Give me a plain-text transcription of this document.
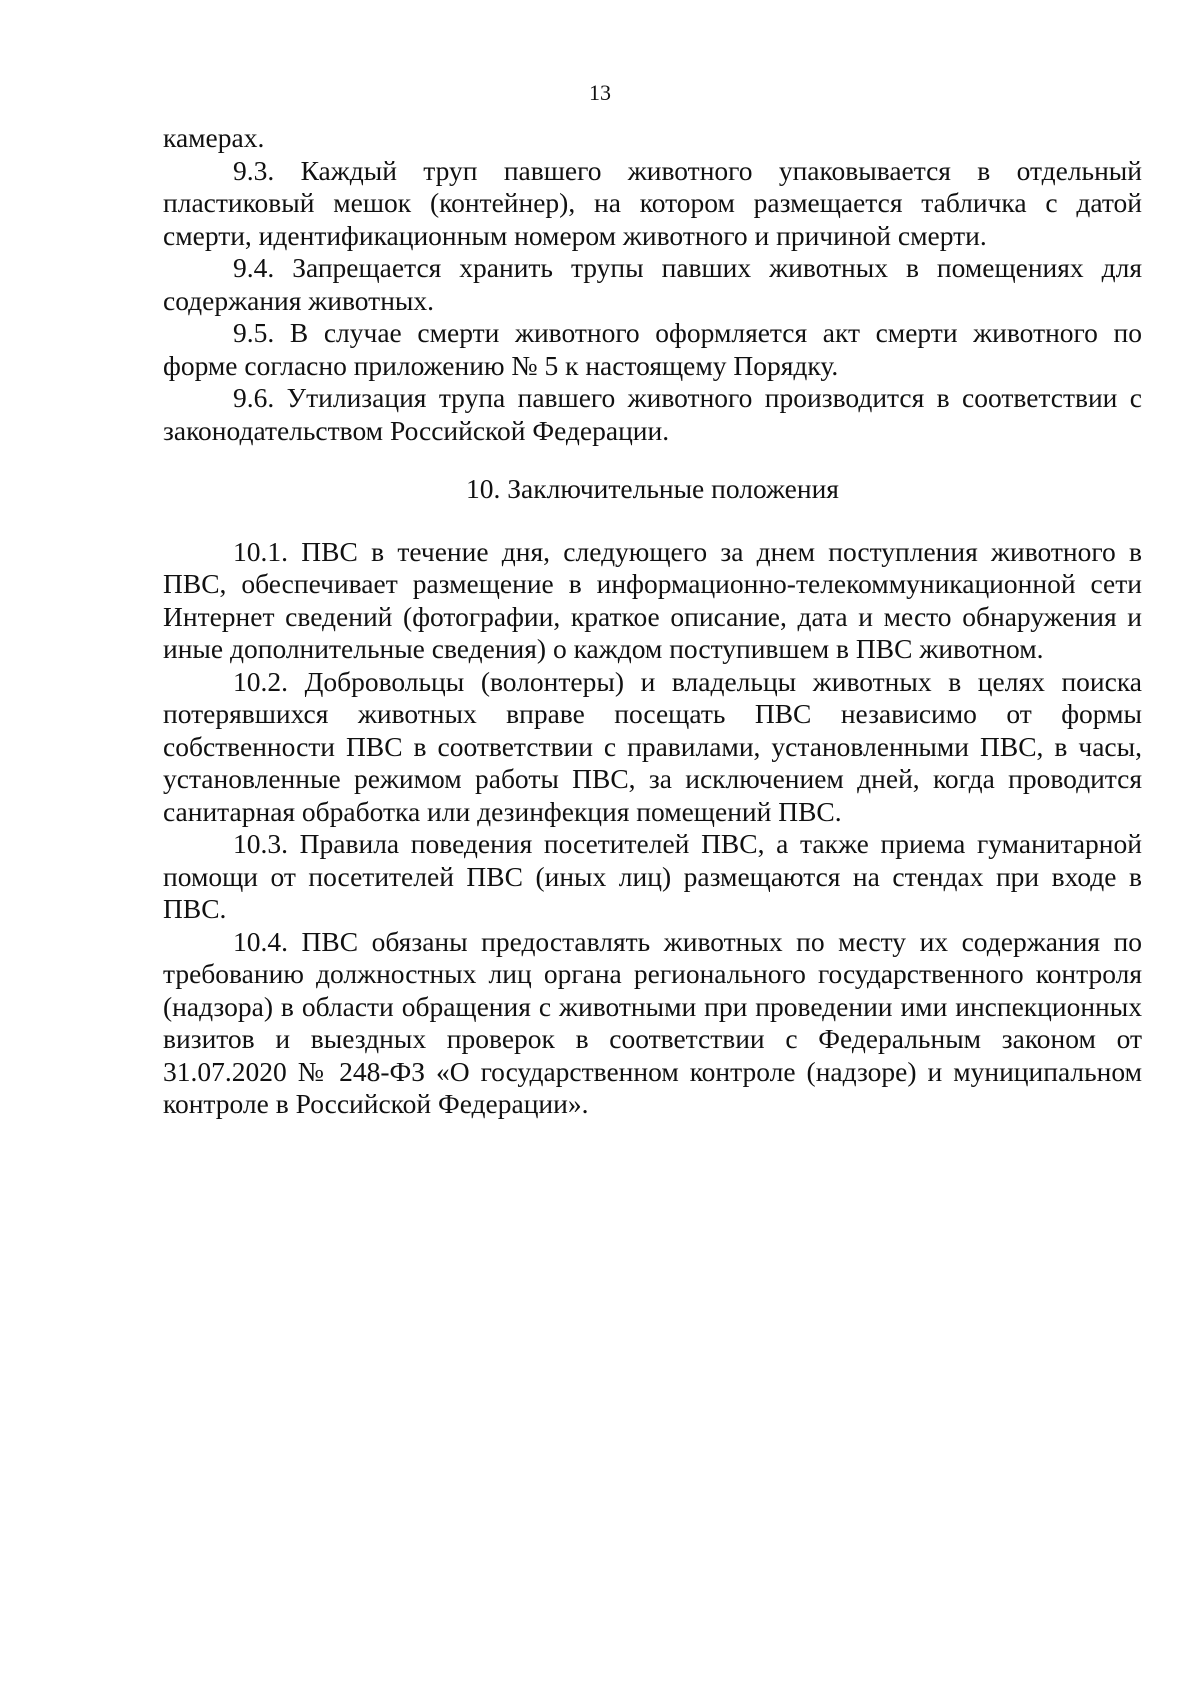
13

камерах.

9.3. Каждый труп павшего животного упаковывается в отдельный пластиковый мешок (контейнер), на котором размещается табличка с датой смерти, идентификационным номером животного и причиной смерти.

9.4. Запрещается хранить трупы павших животных в помещениях для содержания животных.

9.5. В случае смерти животного оформляется акт смерти животного по форме согласно приложению № 5 к настоящему Порядку.

9.6. Утилизация трупа павшего животного производится в соответствии с законодательством Российской Федерации.

10. Заключительные положения

10.1. ПВС в течение дня, следующего за днем поступления животного в ПВС, обеспечивает размещение в информационно-телекоммуникационной сети Интернет сведений (фотографии, краткое описание, дата и место обнаружения и иные дополнительные сведения) о каждом поступившем в ПВС животном.

10.2. Добровольцы (волонтеры) и владельцы животных в целях поиска потерявшихся животных вправе посещать ПВС независимо от формы собственности ПВС в соответствии с правилами, установленными ПВС, в часы, установленные режимом работы ПВС, за исключением дней, когда проводится санитарная обработка или дезинфекция помещений ПВС.

10.3. Правила поведения посетителей ПВС, а также приема гуманитарной помощи от посетителей ПВС (иных лиц) размещаются на стендах при входе в ПВС.

10.4. ПВС обязаны предоставлять животных по месту их содержания по требованию должностных лиц органа регионального государственного контроля (надзора) в области обращения с животными при проведении ими инспекционных визитов и выездных проверок в соответствии с Федеральным законом от 31.07.2020 № 248-ФЗ «О государственном контроле (надзоре) и муниципальном контроле в Российской Федерации».
